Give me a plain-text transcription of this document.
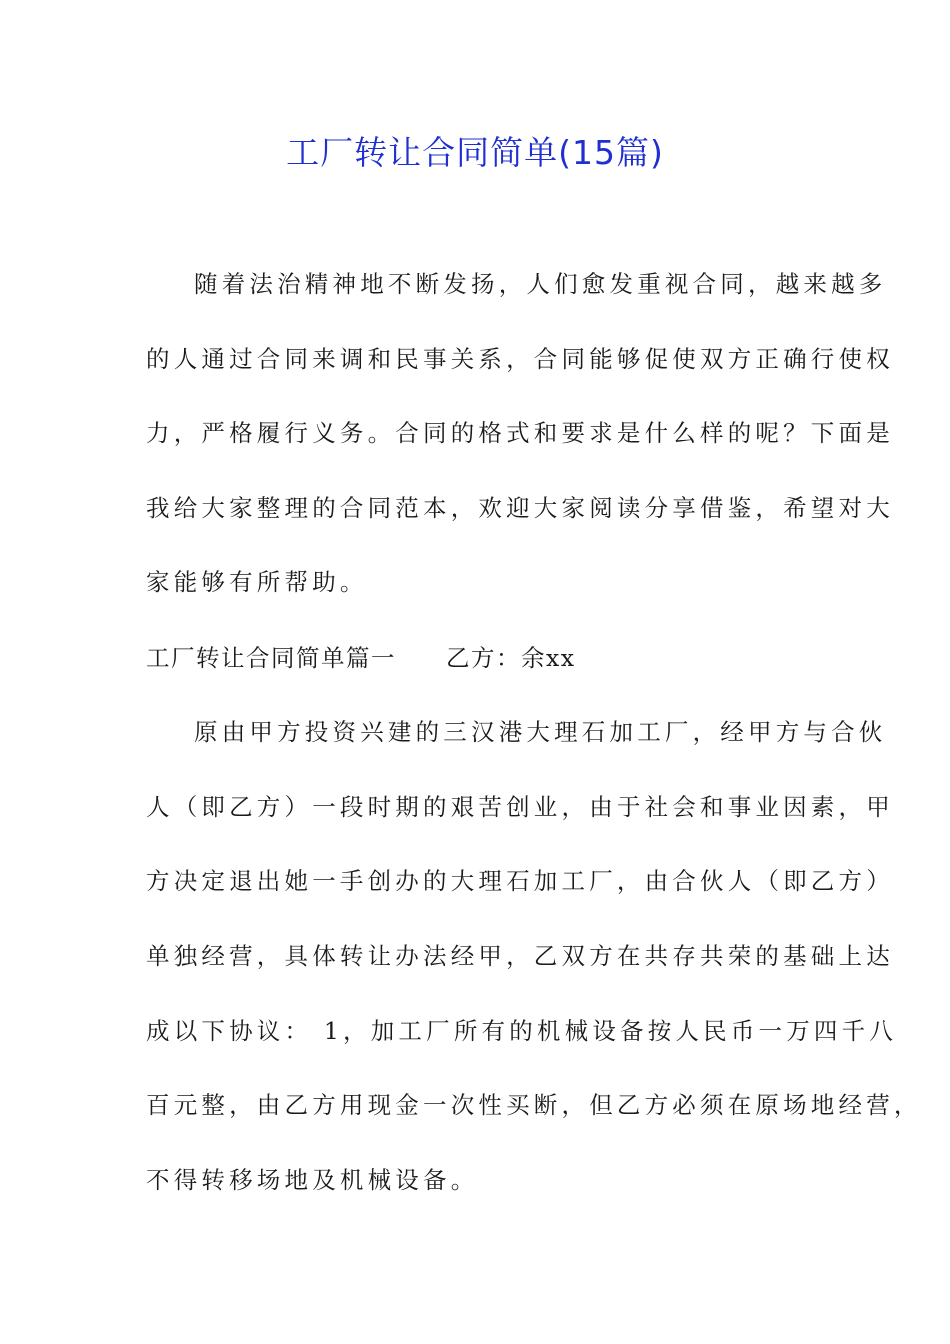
工厂转让合同简单(15篇)
随着法治精神地不断发扬，人们愈发重视合同，越来越多
的人通过合同来调和民事关系，合同能够促使双方正确行使权
力，严格履行义务。合同的格式和要求是什么样的呢？下面是
我给大家整理的合同范本，欢迎大家阅读分享借鉴，希望对大
家能够有所帮助。
工厂转让合同简单篇一 乙方：余xx
原由甲方投资兴建的三汉港大理石加工厂，经甲方与合伙
人（即乙方）一段时期的艰苦创业，由于社会和事业因素，甲
方决定退出她一手创办的大理石加工厂，由合伙人（即乙方）
单独经营，具体转让办法经甲，乙双方在共存共荣的基础上达
成以下协议： 1，加工厂所有的机械设备按人民币一万四千八
百元整，由乙方用现金一次性买断，但乙方必须在原场地经营，
不得转移场地及机械设备。
